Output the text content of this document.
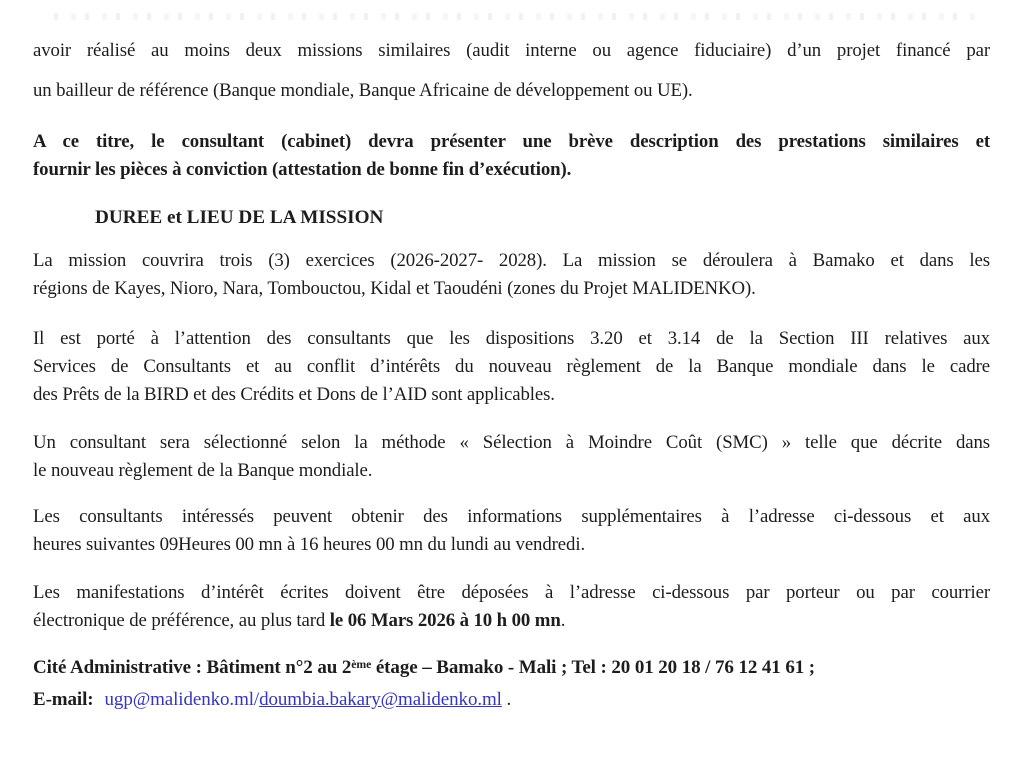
avoir réalisé au moins deux missions similaires (audit interne ou agence fiduciaire) d’un projet financé par
un bailleur de référence (Banque mondiale, Banque Africaine de développement ou UE).
A ce titre, le consultant (cabinet) devra présenter une brève description des prestations similaires et
fournir les pièces à conviction (attestation de bonne fin d’exécution).
DUREE et LIEU DE LA MISSION
La mission couvrira trois (3) exercices (2026-2027- 2028). La mission se déroulera à Bamako et dans les
régions de Kayes, Nioro, Nara, Tombouctou, Kidal et Taoudéni (zones du Projet MALIDENKO).
Il est porté à l’attention des consultants que les dispositions 3.20 et 3.14 de la Section III relatives aux
Services de Consultants et au conflit d’intérêts du nouveau règlement de la Banque mondiale dans le cadre
des Prêts de la BIRD et des Crédits et Dons de l’AID sont applicables.
Un consultant sera sélectionné selon la méthode « Sélection à Moindre Coût (SMC) » telle que décrite dans
le nouveau règlement de la Banque mondiale.
Les consultants intéressés peuvent obtenir des informations supplémentaires à l’adresse ci-dessous et aux
heures suivantes 09Heures 00 mn à 16 heures 00 mn du lundi au vendredi.
Les manifestations d’intérêt écrites doivent être déposées à l’adresse ci-dessous par porteur ou par courrier
électronique de préférence, au plus tard le 06 Mars 2026 à 10 h 00 mn.
Cité Administrative : Bâtiment n°2 au 2ème étage – Bamako - Mali ; Tel : 20 01 20 18 / 76 12 41 61 ;
E-mail: ugp@malidenko.ml/doumbia.bakary@malidenko.ml .
